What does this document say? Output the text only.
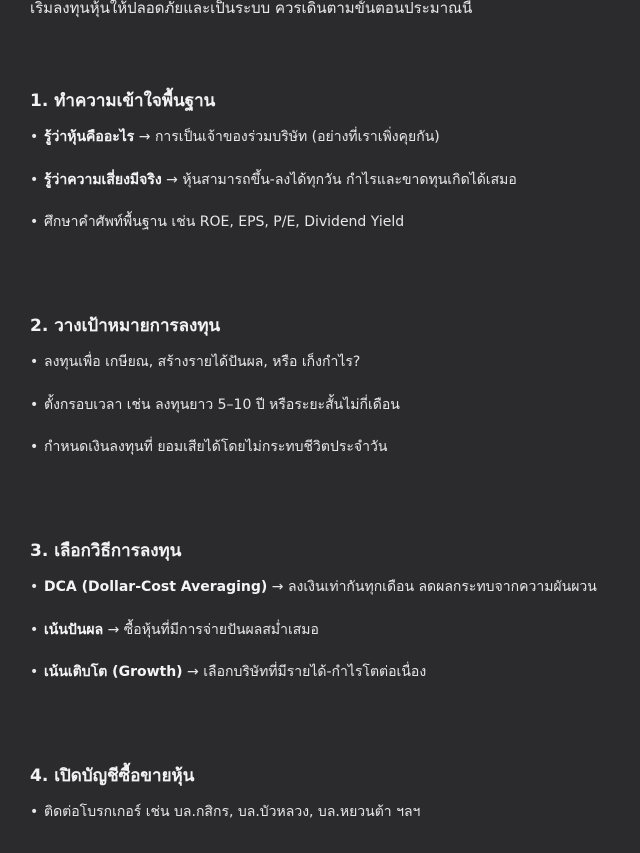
เริ่มลงทุนหุ้นให้ปลอดภัยและเป็นระบบ ควรเดินตามขั้นตอนประมาณนี้
1. ทำความเข้าใจพื้นฐาน
• รู้ว่าหุ้นคืออะไร → การเป็นเจ้าของร่วมบริษัท (อย่างที่เราเพิ่งคุยกัน)
• รู้ว่าความเสี่ยงมีจริง → หุ้นสามารถขึ้น-ลงได้ทุกวัน กำไรและขาดทุนเกิดได้เสมอ
• ศึกษาคำศัพท์พื้นฐาน เช่น ROE, EPS, P/E, Dividend Yield
2. วางเป้าหมายการลงทุน
• ลงทุนเพื่อ เกษียณ, สร้างรายได้ปันผล, หรือ เก็งกำไร?
• ตั้งกรอบเวลา เช่น ลงทุนยาว 5–10 ปี หรือระยะสั้นไม่กี่เดือน
• กำหนดเงินลงทุนที่ ยอมเสียได้โดยไม่กระทบชีวิตประจำวัน
3. เลือกวิธีการลงทุน
• DCA (Dollar-Cost Averaging) → ลงเงินเท่ากันทุกเดือน ลดผลกระทบจากความผันผวน
• เน้นปันผล → ซื้อหุ้นที่มีการจ่ายปันผลสม่ำเสมอ
• เน้นเติบโต (Growth) → เลือกบริษัทที่มีรายได้-กำไรโตต่อเนื่อง
4. เปิดบัญชีซื้อขายหุ้น
• ติดต่อโบรกเกอร์ เช่น บล.กสิกร, บล.บัวหลวง, บล.หยวนต้า ฯลฯ
